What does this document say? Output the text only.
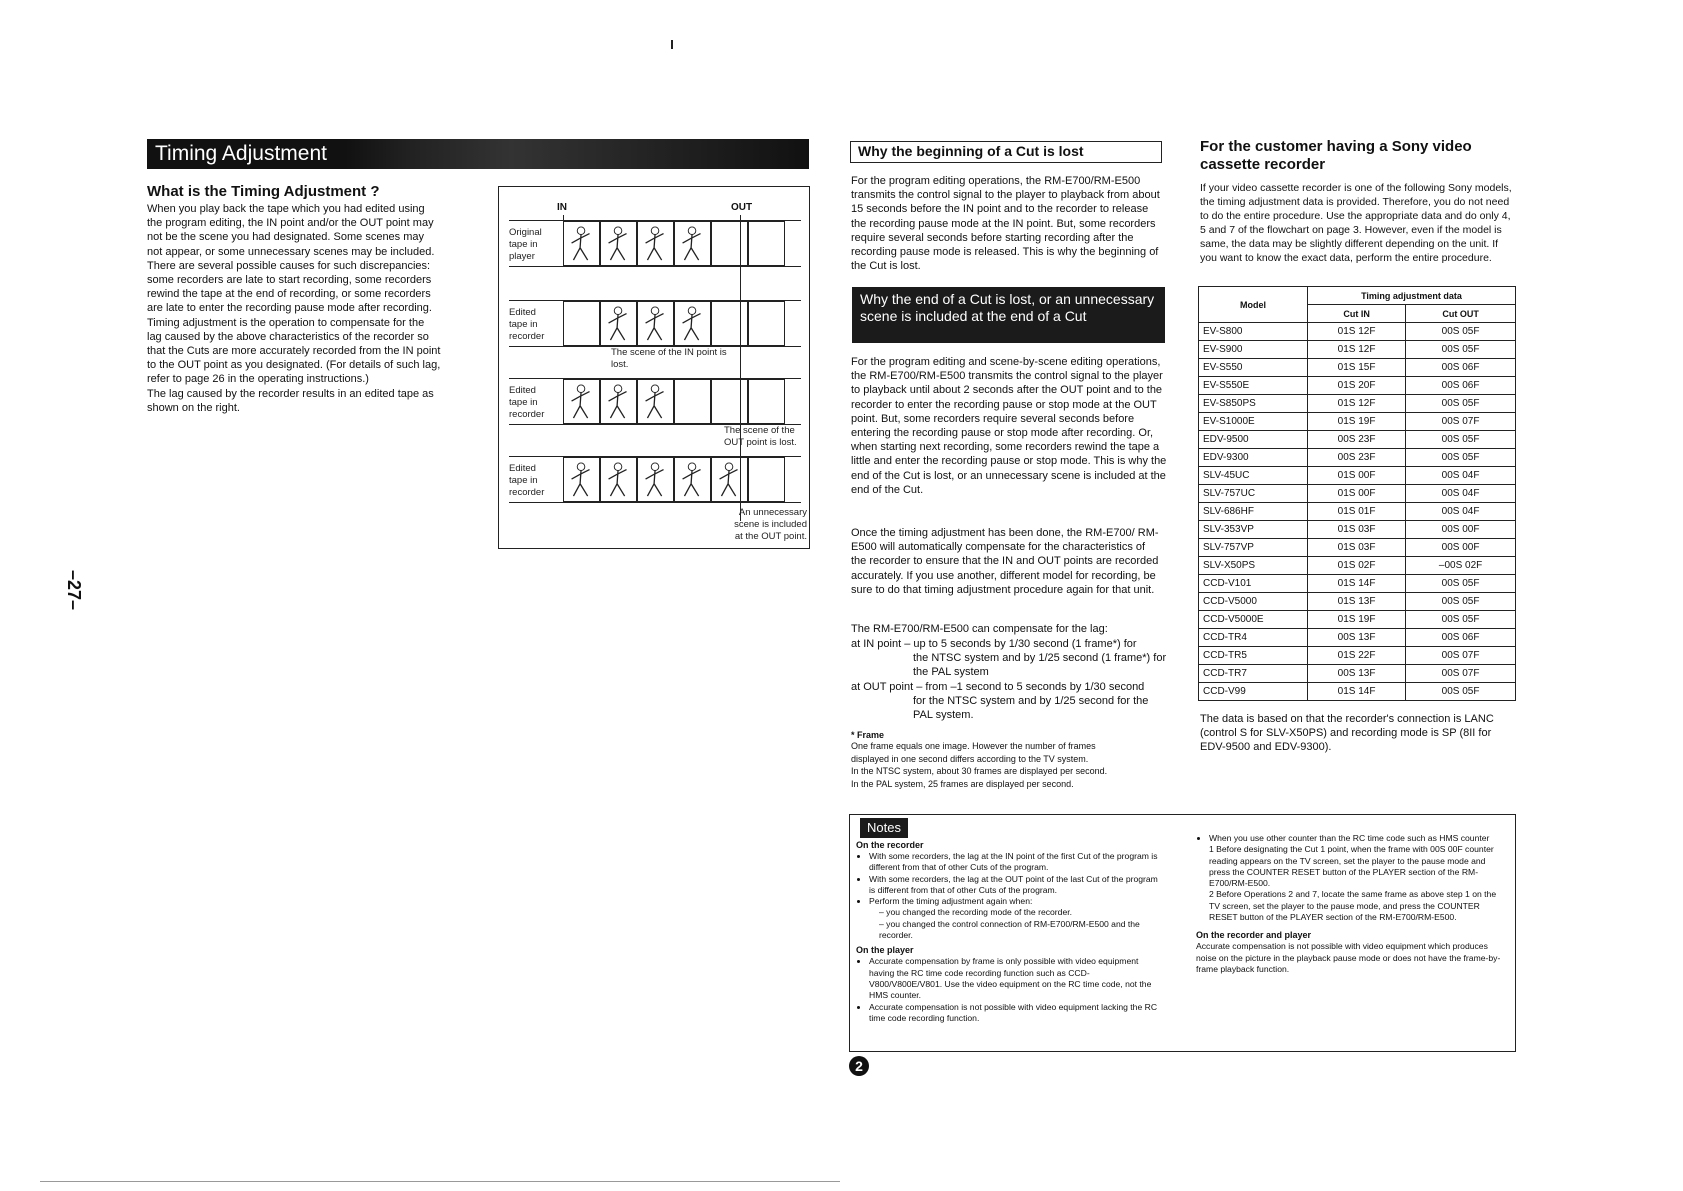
–27–
Timing Adjustment
What is the Timing Adjustment ?

When you play back the tape which you had edited using

the program editing, the IN point and/or the OUT point may

not be the scene you had designated. Some scenes may

not appear, or some unnecessary scenes may be included.

There are several possible causes for such discrepancies:

some recorders are late to start recording, some recorders

rewind the tape at the end of recording, or some recorders

are late to enter the recording pause mode after recording.

Timing adjustment is the operation to compensate for the

lag caused by the above characteristics of the recorder so

that the Cuts are more accurately recorded from the IN point

to the OUT point as you designated. (For details of such lag,

refer to page 26 in the operating instructions.)

The lag caused by the recorder results in an edited tape as

shown on the right.

IN	OUT
Original tape in player
Edited tape in recorder
Edited tape in recorder
Edited tape in recorder
The scene of the IN point is lost.
The scene of the OUT point is lost.
An unnecessary scene is included at the OUT point.
Why the beginning of a Cut is lost

For the program editing operations, the RM-E700/RM-E500 transmits the control signal to the player to playback from about 15 seconds before the IN point and to the recorder to release the recording pause mode at the IN point. But, some recorders require several seconds before starting recording after the recording pause mode is released. This is why the beginning of the Cut is lost.

Why the end of a Cut is lost, or an unnecessary scene is included at the end of a Cut

For the program editing and scene-by-scene editing operations, the RM-E700/RM-E500 transmits the control signal to the player to playback until about 2 seconds after the OUT point and to the recorder to enter the recording pause or stop mode at the OUT point. But, some recorders require several seconds before entering the recording pause or stop mode after recording. Or, when starting next recording, some recorders rewind the tape a little and enter the recording pause or stop mode. This is why the end of the Cut is lost, or an unnecessary scene is included at the end of the Cut.

Once the timing adjustment has been done, the RM-E700/ RM-E500 will automatically compensate for the characteristics of the recorder to ensure that the IN and OUT points are recorded accurately. If you use another, different model for recording, be sure to do that timing adjustment procedure again for that unit.

The RM-E700/RM-E500 can compensate for the lag:

at IN point – up to 5 seconds by 1/30 second (1 frame*) for

the NTSC system and by 1/25 second (1 frame*) for the PAL system

at OUT point – from –1 second to 5 seconds by 1/30 second

for the NTSC system and by 1/25 second for the PAL system.

* Frame

One frame equals one image. However the number of frames

displayed in one second differs according to the TV system.

In the NTSC system, about 30 frames are displayed per second.

In the PAL system, 25 frames are displayed per second.

For the customer having a Sony video cassette recorder

If your video cassette recorder is one of the following Sony models, the timing adjustment data is provided. Therefore, you do not need to do the entire procedure. Use the appropriate data and do only 4, 5 and 7 of the flowchart on page 3. However, even if the model is same, the data may be slightly different depending on the unit. If you want to know the exact data, perform the entire procedure.

Model	Timing adjustment data	
	Cut IN	Cut OUT
EV-S800	01S 12F	00S 05F
EV-S900	01S 12F	00S 05F
EV-S550	01S 15F	00S 06F
EV-S550E	01S 20F	00S 06F
EV-S850PS	01S 12F	00S 05F
EV-S1000E	01S 19F	00S 07F
EDV-9500	00S 23F	00S 05F
EDV-9300	00S 23F	00S 05F
SLV-45UC	01S 00F	00S 04F
SLV-757UC	01S 00F	00S 04F
SLV-686HF	01S 01F	00S 04F
SLV-353VP	01S 03F	00S 00F
SLV-757VP	01S 03F	00S 00F
SLV-X50PS	01S 02F	–00S 02F
CCD-V101	01S 14F	00S 05F
CCD-V5000	01S 13F	00S 05F
CCD-V5000E	01S 19F	00S 05F
CCD-TR4	00S 13F	00S 06F
CCD-TR5	01S 22F	00S 07F
CCD-TR7	00S 13F	00S 07F
CCD-V99	01S 14F	00S 05F

The data is based on that the recorder's connection is LANC (control S for SLV-X50PS) and recording mode is SP (8II for EDV-9500 and EDV-9300).

Notes
On the recorder
• With some recorders, the lag at the IN point of the first Cut of the program is different from that of other Cuts of the program.
• With some recorders, the lag at the OUT point of the last Cut of the program is different from that of other Cuts of the program.
• Perform the timing adjustment again when:

– you changed the recording mode of the recorder.

– you changed the control connection of RM-E700/RM-E500 and the recorder.

On the player
• Accurate compensation by frame is only possible with video equipment having the RC time code recording function such as CCD-V800/V800E/V801. Use the video equipment on the RC time code, not the HMS counter.
• Accurate compensation is not possible with video equipment lacking the RC time code recording function.
• When you use other counter than the RC time code such as HMS counter

1 Before designating the Cut 1 point, when the frame with 00S 00F counter reading appears on the TV screen, set the player to the pause mode and press the COUNTER RESET button of the PLAYER section of the RM-E700/RM-E500.

2 Before Operations 2 and 7, locate the same frame as above step 1 on the TV screen, set the player to the pause mode, and press the COUNTER RESET button of the PLAYER section of the RM-E700/RM-E500.

On the recorder and player

Accurate compensation is not possible with video equipment which produces noise on the picture in the playback pause mode or does not have the frame-by-frame playback function.

2
